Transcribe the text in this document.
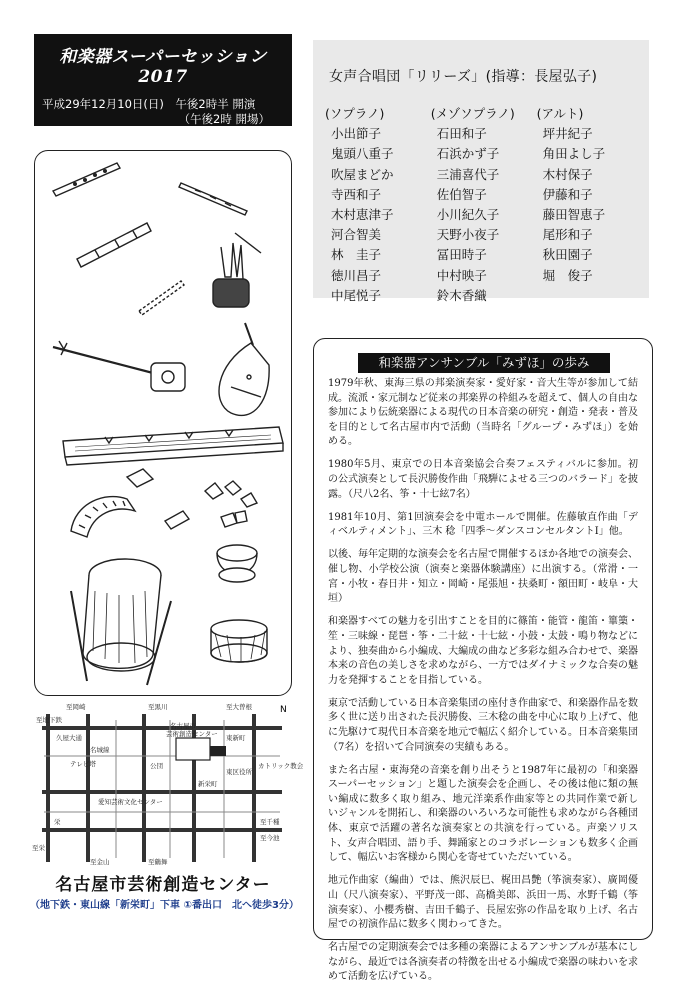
和楽器スーパーセッション2017
平成29年12月10日(日)　午後2時半 開演
（午後2時 開場）
女声合唱団「リリーズ」(指導：長屋弘子)
(ソプラノ)
小出節子
鬼頭八重子
吹屋まどか
寺西和子
木村恵津子
河合智美
林　圭子
徳川昌子
中尾悦子
(メゾソプラノ)
石田和子
石浜かず子
三浦喜代子
佐伯智子
小川紀久子
天野小夜子
冨田時子
中村映子
鈴木香織
(アルト)
坪井紀子
角田よし子
木村保子
伊藤和子
藤田智恵子
尾形和子
秋田園子
堀　俊子
N
至岡崎
至地下鉄
至黒川	至大曽根
久屋大通
名古屋市
芸術創造センター
名城線
東新町
東区役所
新栄町
公団
テレビ塔
愛知芸術文化センター
カトリック教会
至千種
至今池
至鶴舞
至金山
栄
至栄
名古屋市芸術創造センター
（地下鉄・東山線「新栄町」下車 ①番出口　北へ徒歩3分）
和楽器アンサンブル「みずほ」の歩み

1979年秋、東海三県の邦楽演奏家・愛好家・音大生等が参加して結成。流派・家元制など従来の邦楽界の枠組みを超えて、個人の自由な参加により伝統楽器による現代の日本音楽の研究・創造・発表・普及を目的として名古屋市内で活動（当時名「グループ・みずほ」）を始める。

1980年5月、東京での日本音楽協会合奏フェスティバルに参加。初の公式演奏として長沢勝俊作曲「飛騨によせる三つのバラード」を披露。（尺八2名、筝・十七絃7名）

1981年10月、第1回演奏会を中電ホールで開催。佐藤敏直作曲「ディベルティメント」、三木 稔「四季〜ダンスコンセルタントⅠ」他。

以後、毎年定期的な演奏会を名古屋で開催するほか各地での演奏会、催し物、小学校公演（演奏と楽器体験講座）に出演する。（常滑・一宮・小牧・春日井・知立・岡崎・尾張旭・扶桑町・額田町・岐阜・大垣）

和楽器すべての魅力を引出すことを目的に篠笛・能管・龍笛・篳篥・笙・三味線・琵琶・筝・二十絃・十七絃・小鼓・太鼓・鳴り物などにより、独奏曲から小編成、大編成の曲など多彩な組み合わせで、楽器本来の音色の美しさを求めながら、一方ではダイナミックな合奏の魅力を発揮することを目指している。

東京で活動している日本音楽集団の座付き作曲家で、和楽器作品を数多く世に送り出された長沢勝俊、三木稔の曲を中心に取り上げて、他に先駆けて現代日本音楽を地元で幅広く紹介している。日本音楽集団（7名）を招いて合同演奏の実績もある。

また名古屋・東海発の音楽を創り出そうと1987年に最初の「和楽器スーパーセッション」と題した演奏会を企画し、その後は他に類の無い編成に数多く取り組み、地元洋楽系作曲家等との共同作業で新しいジャンルを開拓し、和楽器のいろいろな可能性も求めながら各種団体、東京で活躍の著名な演奏家との共演を行っている。声楽ソリスト、女声合唱団、語り手、舞踊家とのコラボレーションも数多く企画して、幅広いお客様から関心を寄せていただいている。

地元作曲家（編曲）では、熊沢辰巳、梶田昌艶（筝演奏家）、廣岡優山（尺八演奏家）、平野茂一郎、高橋美郎、浜田一馬、水野千鶴（筝演奏家）、小櫻秀樹、吉田千鶴子、長屋宏弥の作品を取り上げ、名古屋での初演作品に数多く関わってきた。

名古屋での定期演奏会では多種の楽器によるアンサンブルが基本にしながら、最近では各演奏者の特徴を出せる小編成で楽器の味わいを求めて活動を広げている。
